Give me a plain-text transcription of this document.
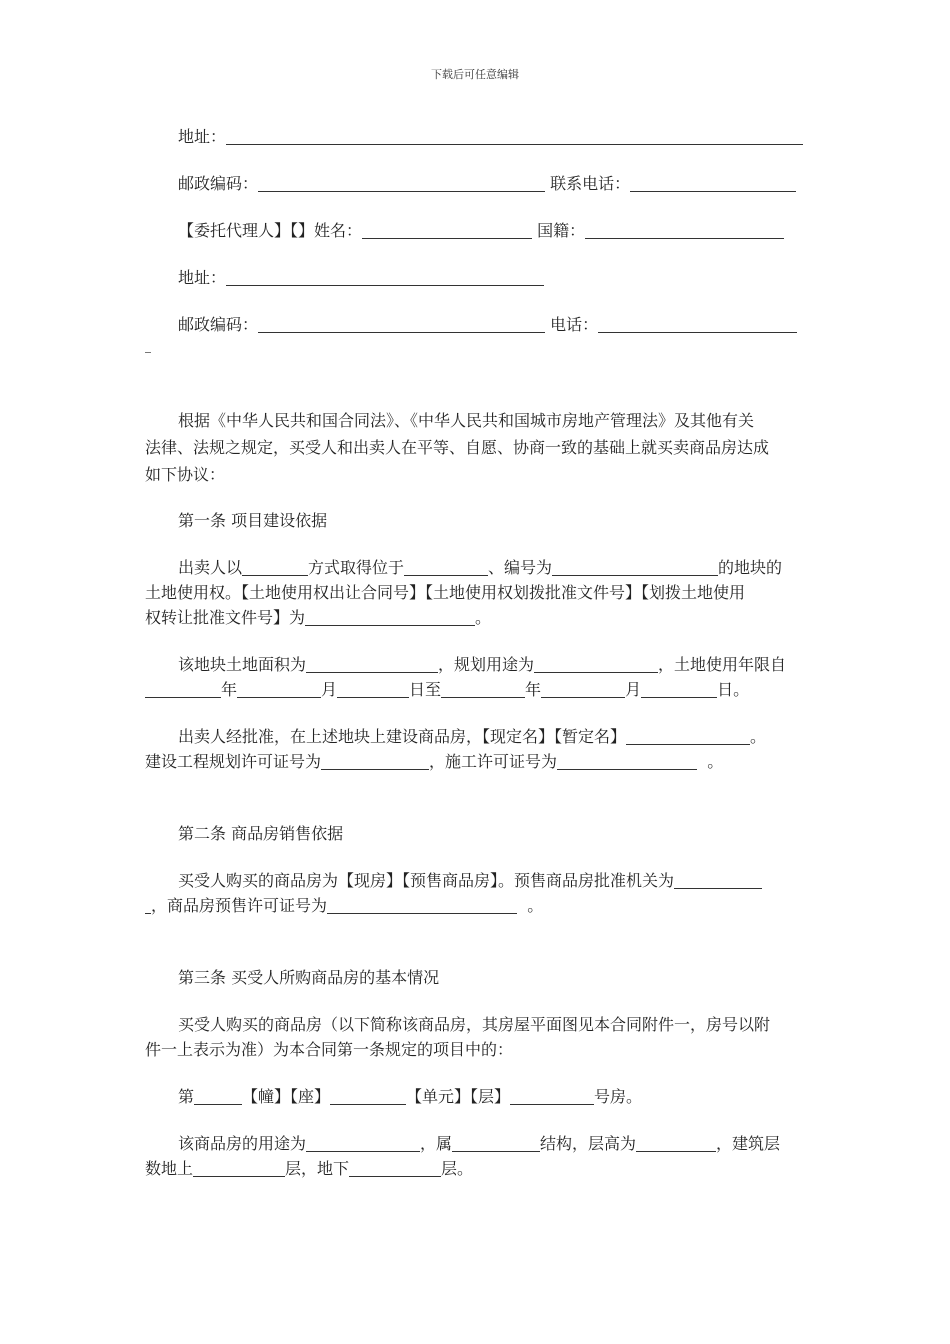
下载后可任意编辑
地址：
邮政编码：	联系电话：
【委托代理人】【】姓名：	国籍：
地址：
邮政编码：	电话：
根据《中华人民共和国合同法》、《中华人民共和国城市房地产管理法》及其他有关
法律、法规之规定，买受人和出卖人在平等、自愿、协商一致的基础上就买卖商品房达成
如下协议：
第一条 项目建设依据
出卖人以	方式取得位于	、编号为	的地块的
土地使用权。【土地使用权出让合同号】【土地使用权划拨批准文件号】【划拨土地使用
权转让批准文件号】为	。
该地块土地面积为	，规划用途为	，土地使用年限自
年	月	日至	年	月	日。
出卖人经批准，在上述地块上建设商品房，【现定名】【暂定名】	。
建设工程规划许可证号为	，施工许可证号为	。
第二条 商品房销售依据
买受人购买的商品房为【现房】【预售商品房】。预售商品房批准机关为
，商品房预售许可证号为	。
第三条 买受人所购商品房的基本情况
买受人购买的商品房（以下简称该商品房，其房屋平面图见本合同附件一，房号以附
件一上表示为准）为本合同第一条规定的项目中的：
第	【幢】【座】	【单元】【层】	号房。
该商品房的用途为	，属	结构，层高为	，建筑层
数地上	层，地下	层。
